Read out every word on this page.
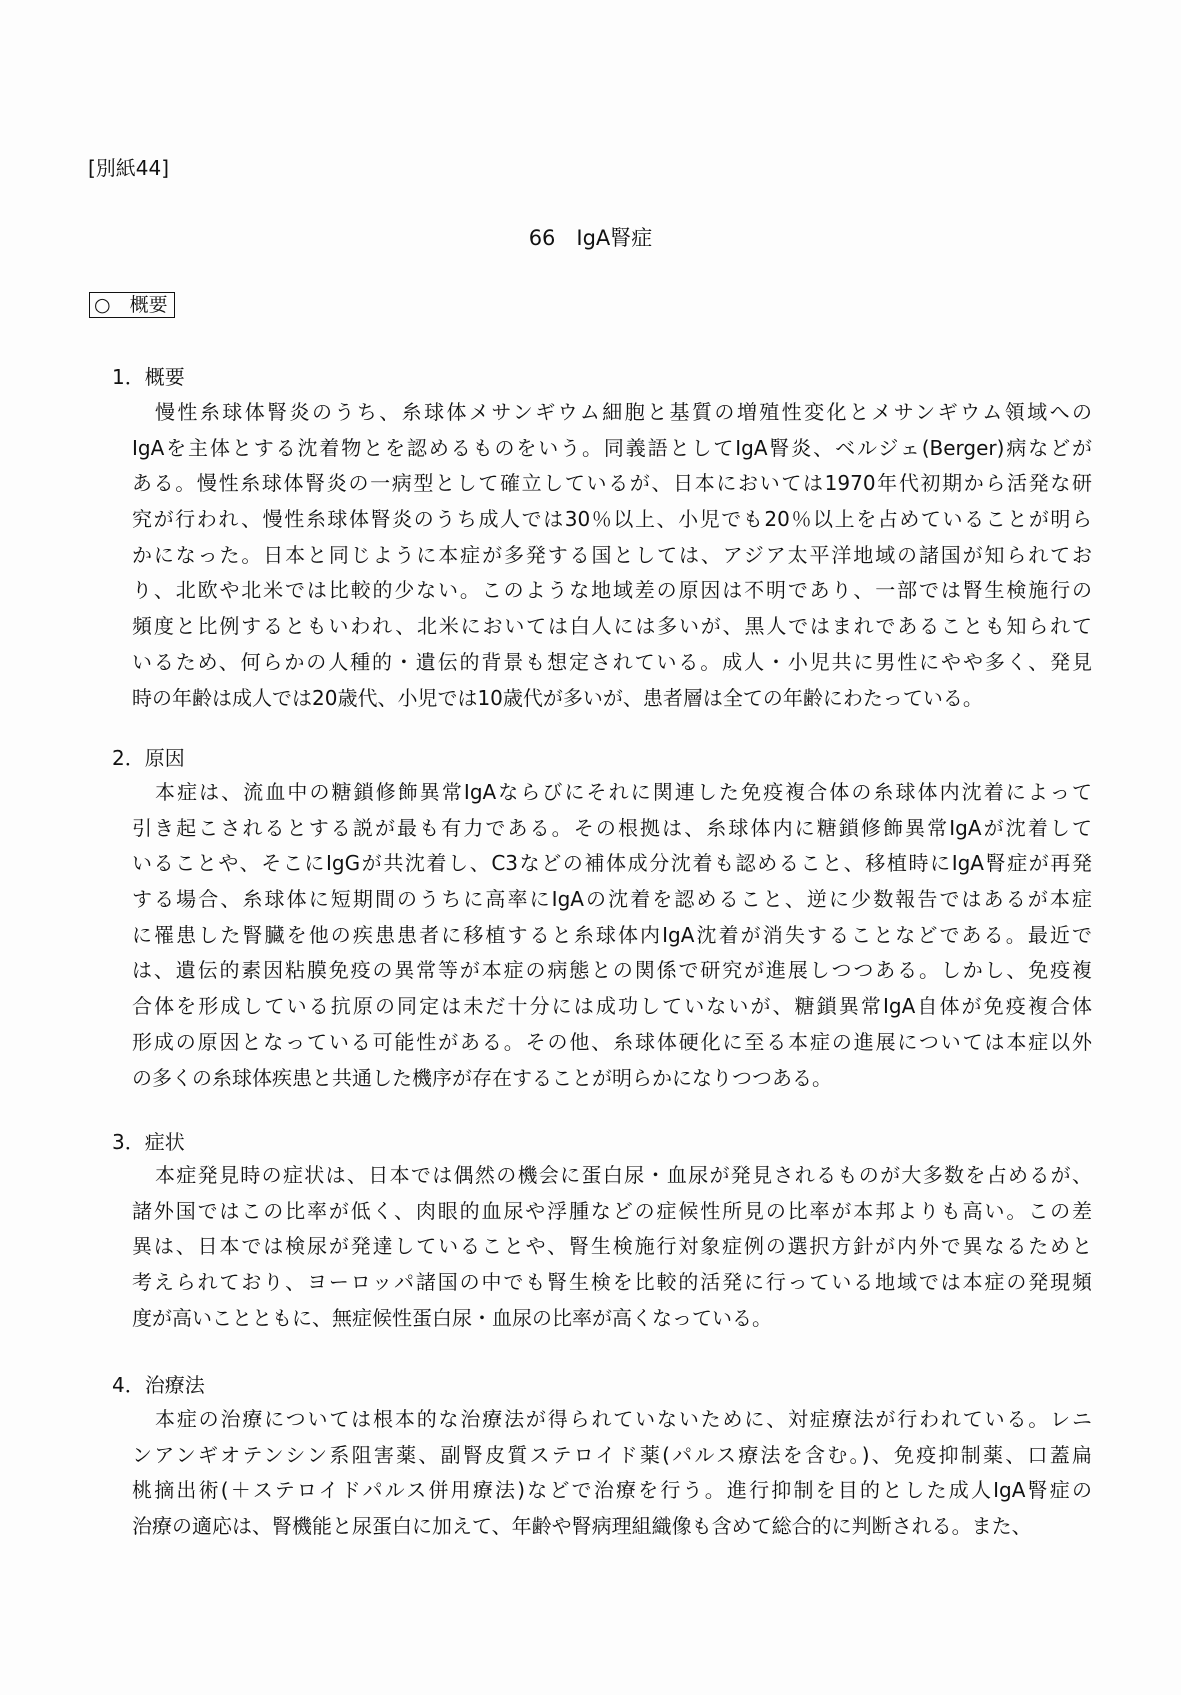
[別紙44]
66　IgA腎症
○　概要
1．概要
慢性糸球体腎炎のうち、糸球体メサンギウム細胞と基質の増殖性変化とメサンギウム領域への
IgAを主体とする沈着物とを認めるものをいう。同義語としてIgA腎炎、ベルジェ(Berger)病などが
ある。慢性糸球体腎炎の一病型として確立しているが、日本においては1970年代初期から活発な研
究が行われ、慢性糸球体腎炎のうち成人では30％以上、小児でも20％以上を占めていることが明ら
かになった。日本と同じように本症が多発する国としては、アジア太平洋地域の諸国が知られてお
り、北欧や北米では比較的少ない。このような地域差の原因は不明であり、一部では腎生検施行の
頻度と比例するともいわれ、北米においては白人には多いが、黒人ではまれであることも知られて
いるため、何らかの人種的・遺伝的背景も想定されている。成人・小児共に男性にやや多く、発見
時の年齢は成人では20歳代、小児では10歳代が多いが、患者層は全ての年齢にわたっている。
2．原因
本症は、流血中の糖鎖修飾異常IgAならびにそれに関連した免疫複合体の糸球体内沈着によって
引き起こされるとする説が最も有力である。その根拠は、糸球体内に糖鎖修飾異常IgAが沈着して
いることや、そこにIgGが共沈着し、C3などの補体成分沈着も認めること、移植時にIgA腎症が再発
する場合、糸球体に短期間のうちに高率にIgAの沈着を認めること、逆に少数報告ではあるが本症
に罹患した腎臓を他の疾患患者に移植すると糸球体内IgA沈着が消失することなどである。最近で
は、遺伝的素因粘膜免疫の異常等が本症の病態との関係で研究が進展しつつある。しかし、免疫複
合体を形成している抗原の同定は未だ十分には成功していないが、糖鎖異常IgA自体が免疫複合体
形成の原因となっている可能性がある。その他、糸球体硬化に至る本症の進展については本症以外
の多くの糸球体疾患と共通した機序が存在することが明らかになりつつある。
3．症状
本症発見時の症状は、日本では偶然の機会に蛋白尿・血尿が発見されるものが大多数を占めるが、
諸外国ではこの比率が低く、肉眼的血尿や浮腫などの症候性所見の比率が本邦よりも高い。この差
異は、日本では検尿が発達していることや、腎生検施行対象症例の選択方針が内外で異なるためと
考えられており、ヨーロッパ諸国の中でも腎生検を比較的活発に行っている地域では本症の発現頻
度が高いことともに、無症候性蛋白尿・血尿の比率が高くなっている。
4．治療法
本症の治療については根本的な治療法が得られていないために、対症療法が行われている。レニ
ンアンギオテンシン系阻害薬、副腎皮質ステロイド薬(パルス療法を含む。)、免疫抑制薬、口蓋扁
桃摘出術(＋ステロイドパルス併用療法)などで治療を行う。進行抑制を目的とした成人IgA腎症の
治療の適応は、腎機能と尿蛋白に加えて、年齢や腎病理組織像も含めて総合的に判断される。また、
